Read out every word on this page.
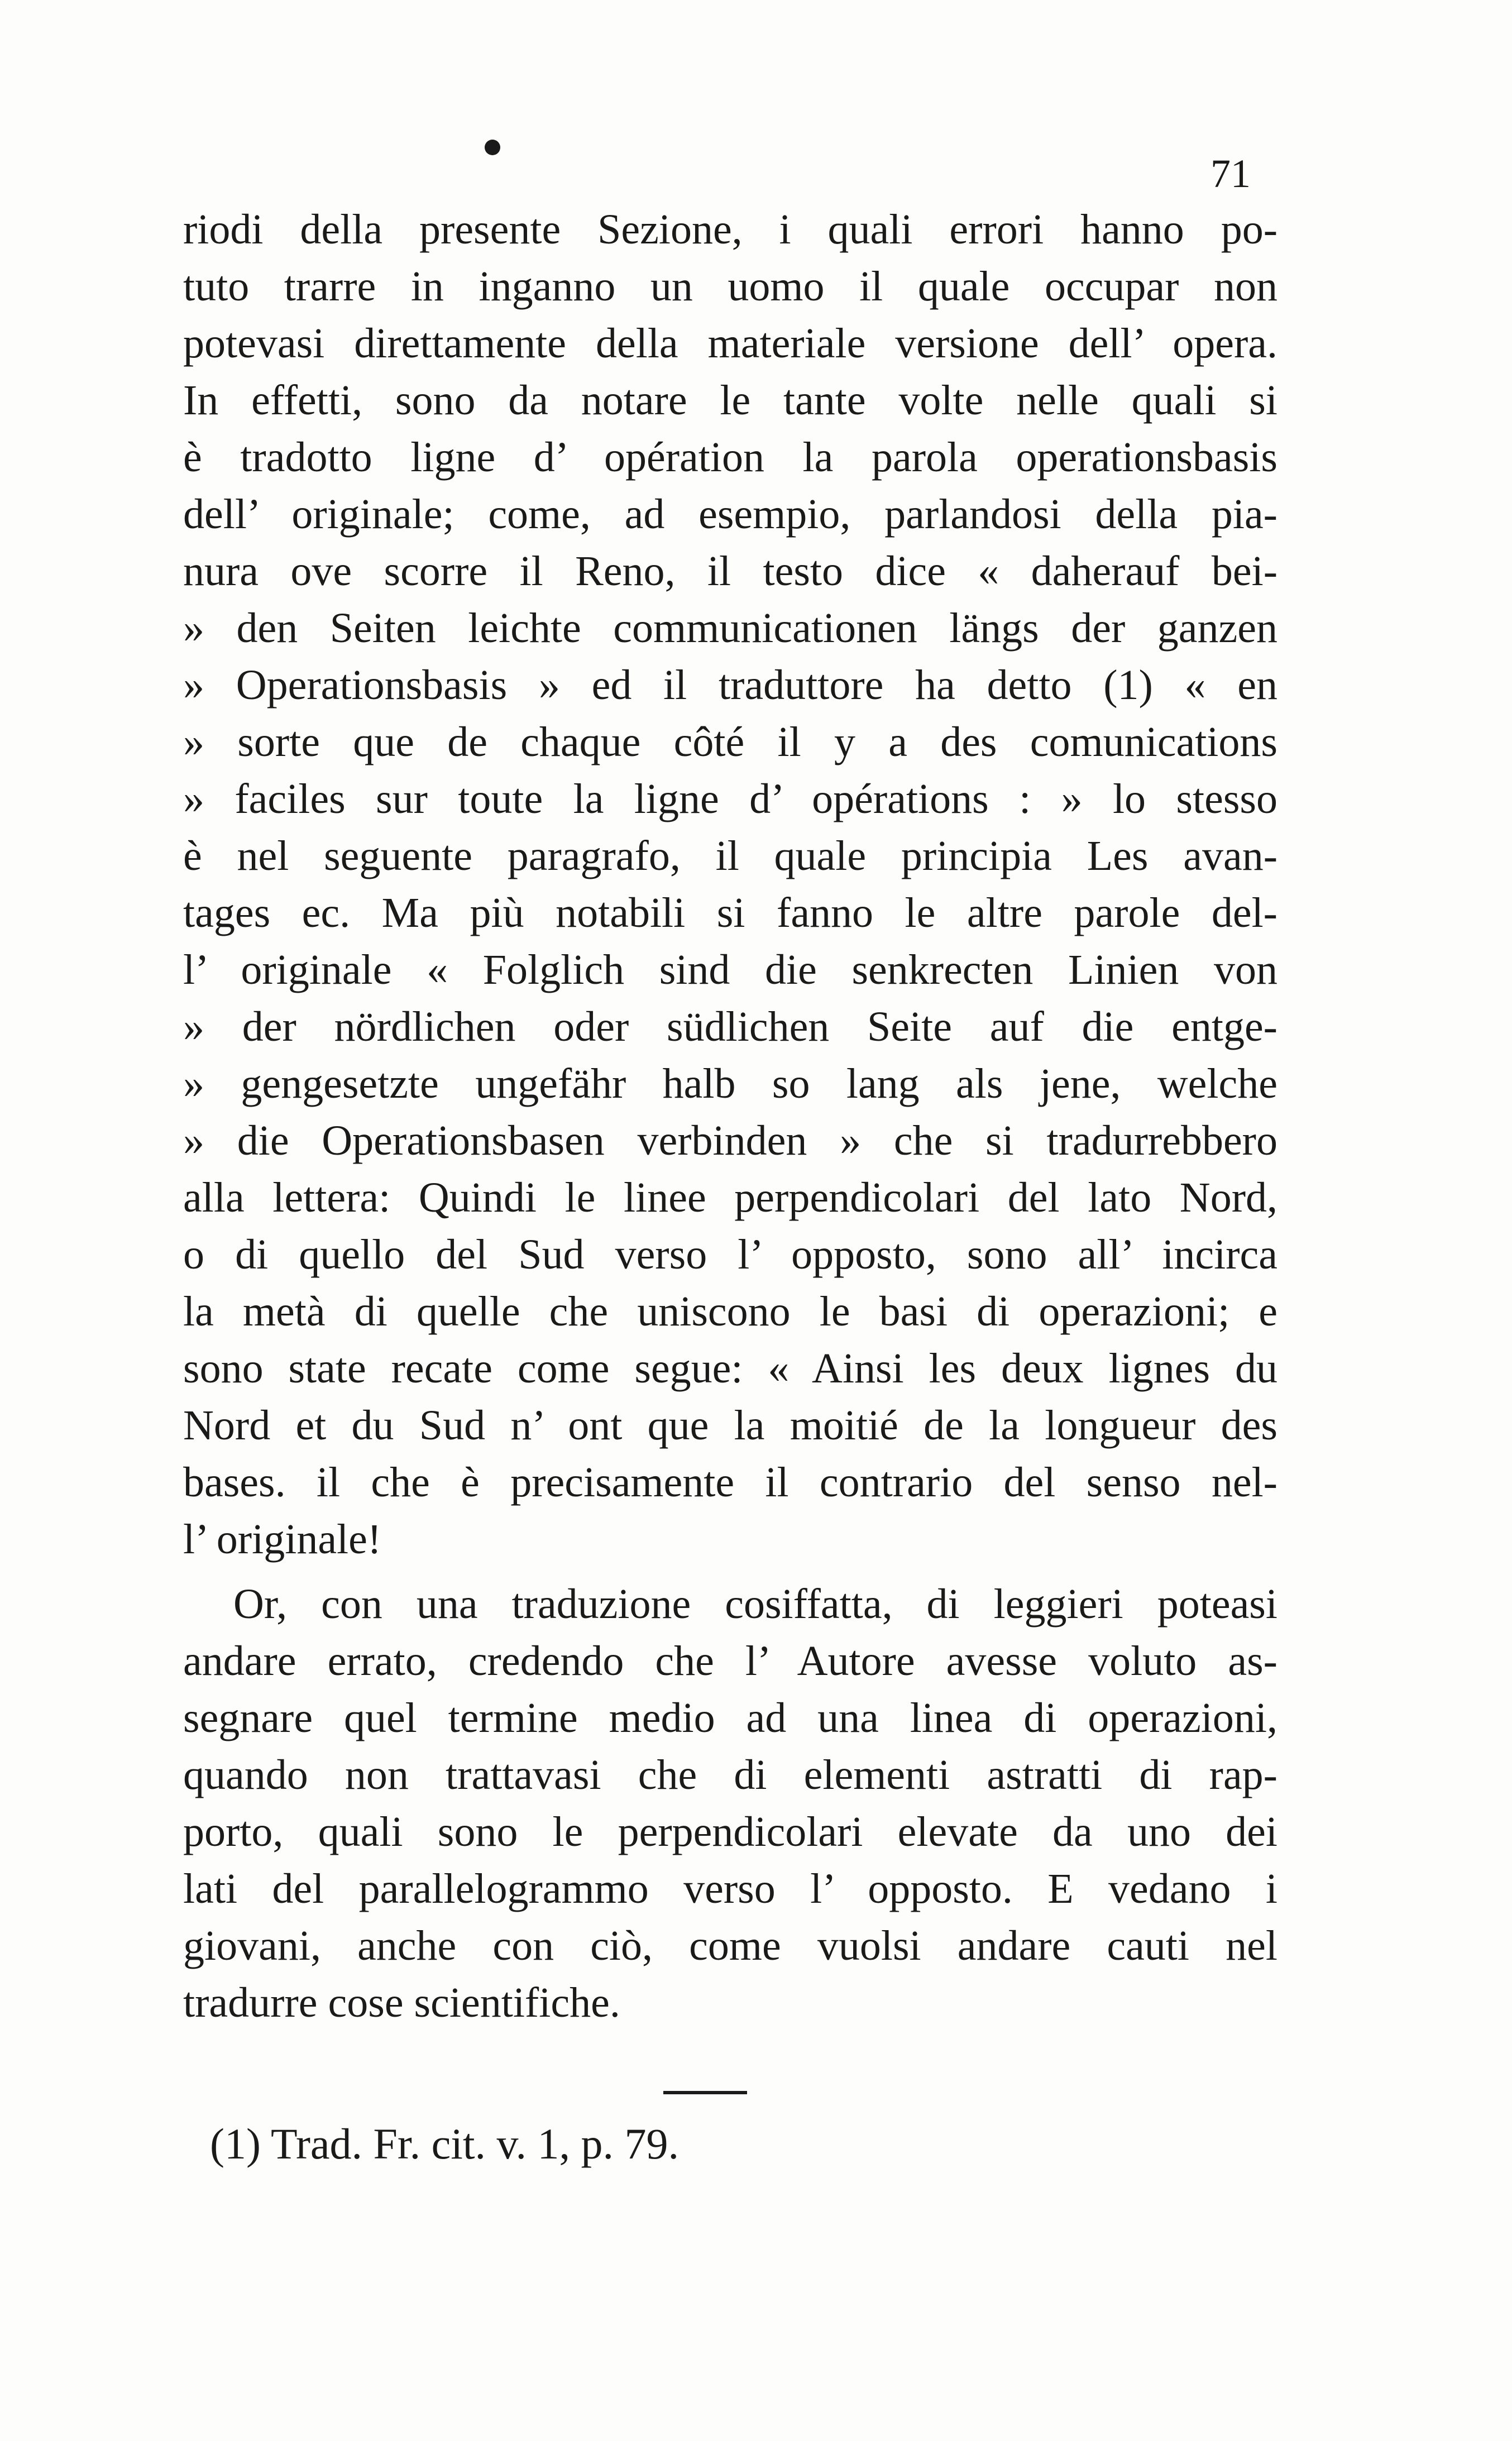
71
riodi della presente Sezione, i quali errori hanno po-
tuto trarre in inganno un uomo il quale occupar non
potevasi direttamente della materiale versione dell’ opera.
In effetti, sono da notare le tante volte nelle quali si
è tradotto ligne d’ opération la parola operationsbasis
dell’ originale; come, ad esempio, parlandosi della pia-
nura ove scorre il Reno, il testo dice « daherauf bei-
» den Seiten leichte communicationen längs der ganzen
» Operationsbasis » ed il traduttore ha detto (1) « en
» sorte que de chaque côté il y a des comunications
» faciles sur toute la ligne d’ opérations : » lo stesso
è nel seguente paragrafo, il quale principia Les avan-
tages ec. Ma più notabili si fanno le altre parole del-
l’ originale « Folglich sind die senkrecten Linien von
» der nördlichen oder südlichen Seite auf die entge-
» gengesetzte ungefähr halb so lang als jene, welche
» die Operationsbasen verbinden » che si tradurrebbero
alla lettera: Quindi le linee perpendicolari del lato Nord,
o di quello del Sud verso l’ opposto, sono all’ incirca
la metà di quelle che uniscono le basi di operazioni; e
sono state recate come segue: « Ainsi les deux lignes du
Nord et du Sud n’ ont que la moitié de la longueur des
bases. il che è precisamente il contrario del senso nel-
l’ originale!
Or, con una traduzione cosiffatta, di leggieri poteasi
andare errato, credendo che l’ Autore avesse voluto as-
segnare quel termine medio ad una linea di operazioni,
quando non trattavasi che di elementi astratti di rap-
porto, quali sono le perpendicolari elevate da uno dei
lati del parallelogrammo verso l’ opposto. E vedano i
giovani, anche con ciò, come vuolsi andare cauti nel
tradurre cose scientifiche.
(1) Trad. Fr. cit. v. 1, p. 79.
